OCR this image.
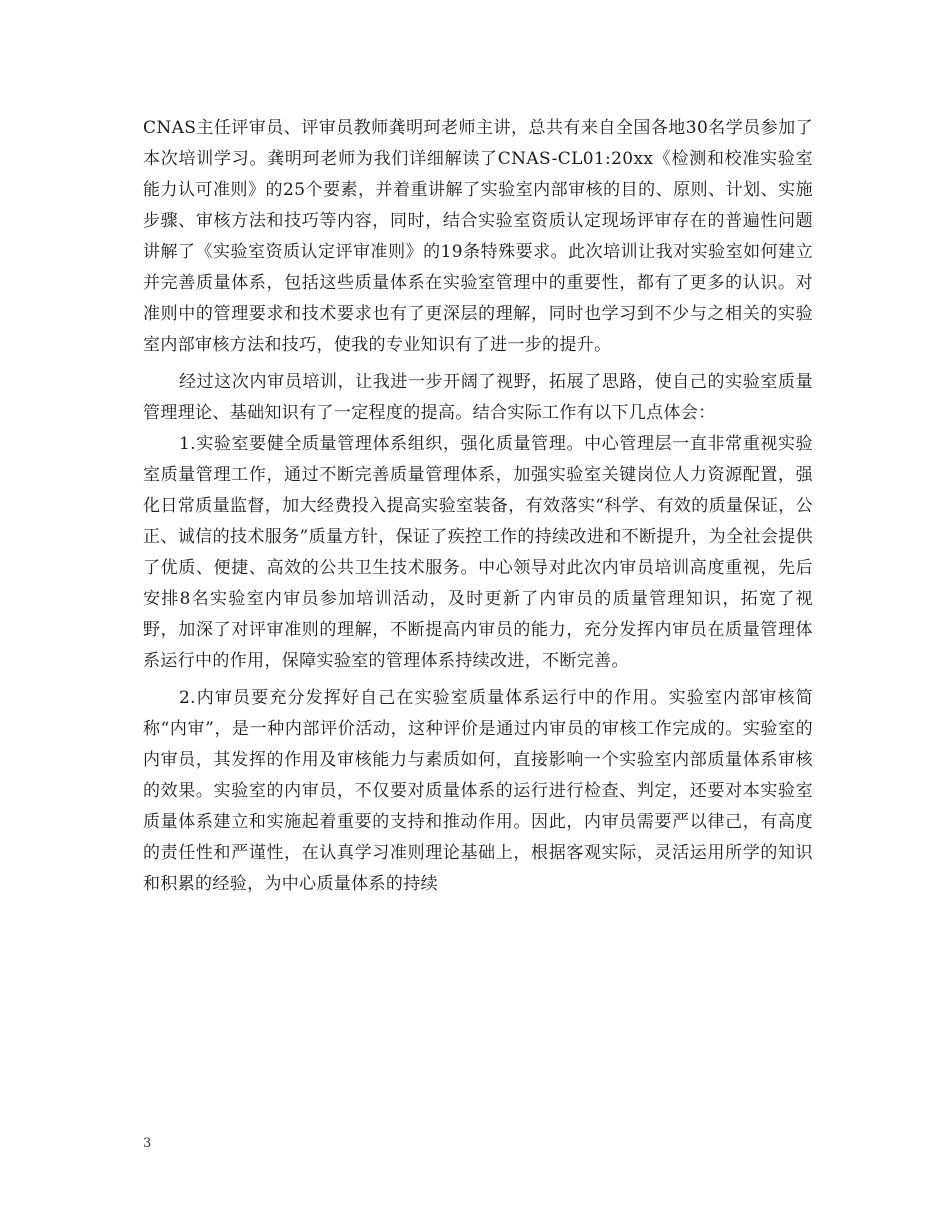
CNAS主任评审员、评审员教师龚明珂老师主讲，总共有来自全国各地30名学员参加了本次培训学习。龚明珂老师为我们详细解读了CNAS-CL01:20xx《检测和校准实验室能力认可准则》的25个要素，并着重讲解了实验室内部审核的目的、原则、计划、实施步骤、审核方法和技巧等内容，同时，结合实验室资质认定现场评审存在的普遍性问题讲解了《实验室资质认定评审准则》的19条特殊要求。此次培训让我对实验室如何建立并完善质量体系，包括这些质量体系在实验室管理中的重要性，都有了更多的认识。对准则中的管理要求和技术要求也有了更深层的理解，同时也学习到不少与之相关的实验室内部审核方法和技巧，使我的专业知识有了进一步的提升。

经过这次内审员培训，让我进一步开阔了视野，拓展了思路，使自己的实验室质量管理理论、基础知识有了一定程度的提高。结合实际工作有以下几点体会：

1.实验室要健全质量管理体系组织，强化质量管理。中心管理层一直非常重视实验室质量管理工作，通过不断完善质量管理体系，加强实验室关键岗位人力资源配置，强化日常质量监督，加大经费投入提高实验室装备，有效落实“科学、有效的质量保证，公正、诚信的技术服务”质量方针，保证了疾控工作的持续改进和不断提升，为全社会提供了优质、便捷、高效的公共卫生技术服务。中心领导对此次内审员培训高度重视，先后安排8名实验室内审员参加培训活动，及时更新了内审员的质量管理知识，拓宽了视野，加深了对评审准则的理解，不断提高内审员的能力，充分发挥内审员在质量管理体系运行中的作用，保障实验室的管理体系持续改进，不断完善。

2.内审员要充分发挥好自己在实验室质量体系运行中的作用。实验室内部审核简称“内审”，是一种内部评价活动，这种评价是通过内审员的审核工作完成的。实验室的内审员，其发挥的作用及审核能力与素质如何，直接影响一个实验室内部质量体系审核的效果。实验室的内审员，不仅要对质量体系的运行进行检查、判定，还要对本实验室质量体系建立和实施起着重要的支持和推动作用。因此，内审员需要严以律己，有高度的责任性和严谨性，在认真学习准则理论基础上，根据客观实际，灵活运用所学的知识和积累的经验，为中心质量体系的持续

3
